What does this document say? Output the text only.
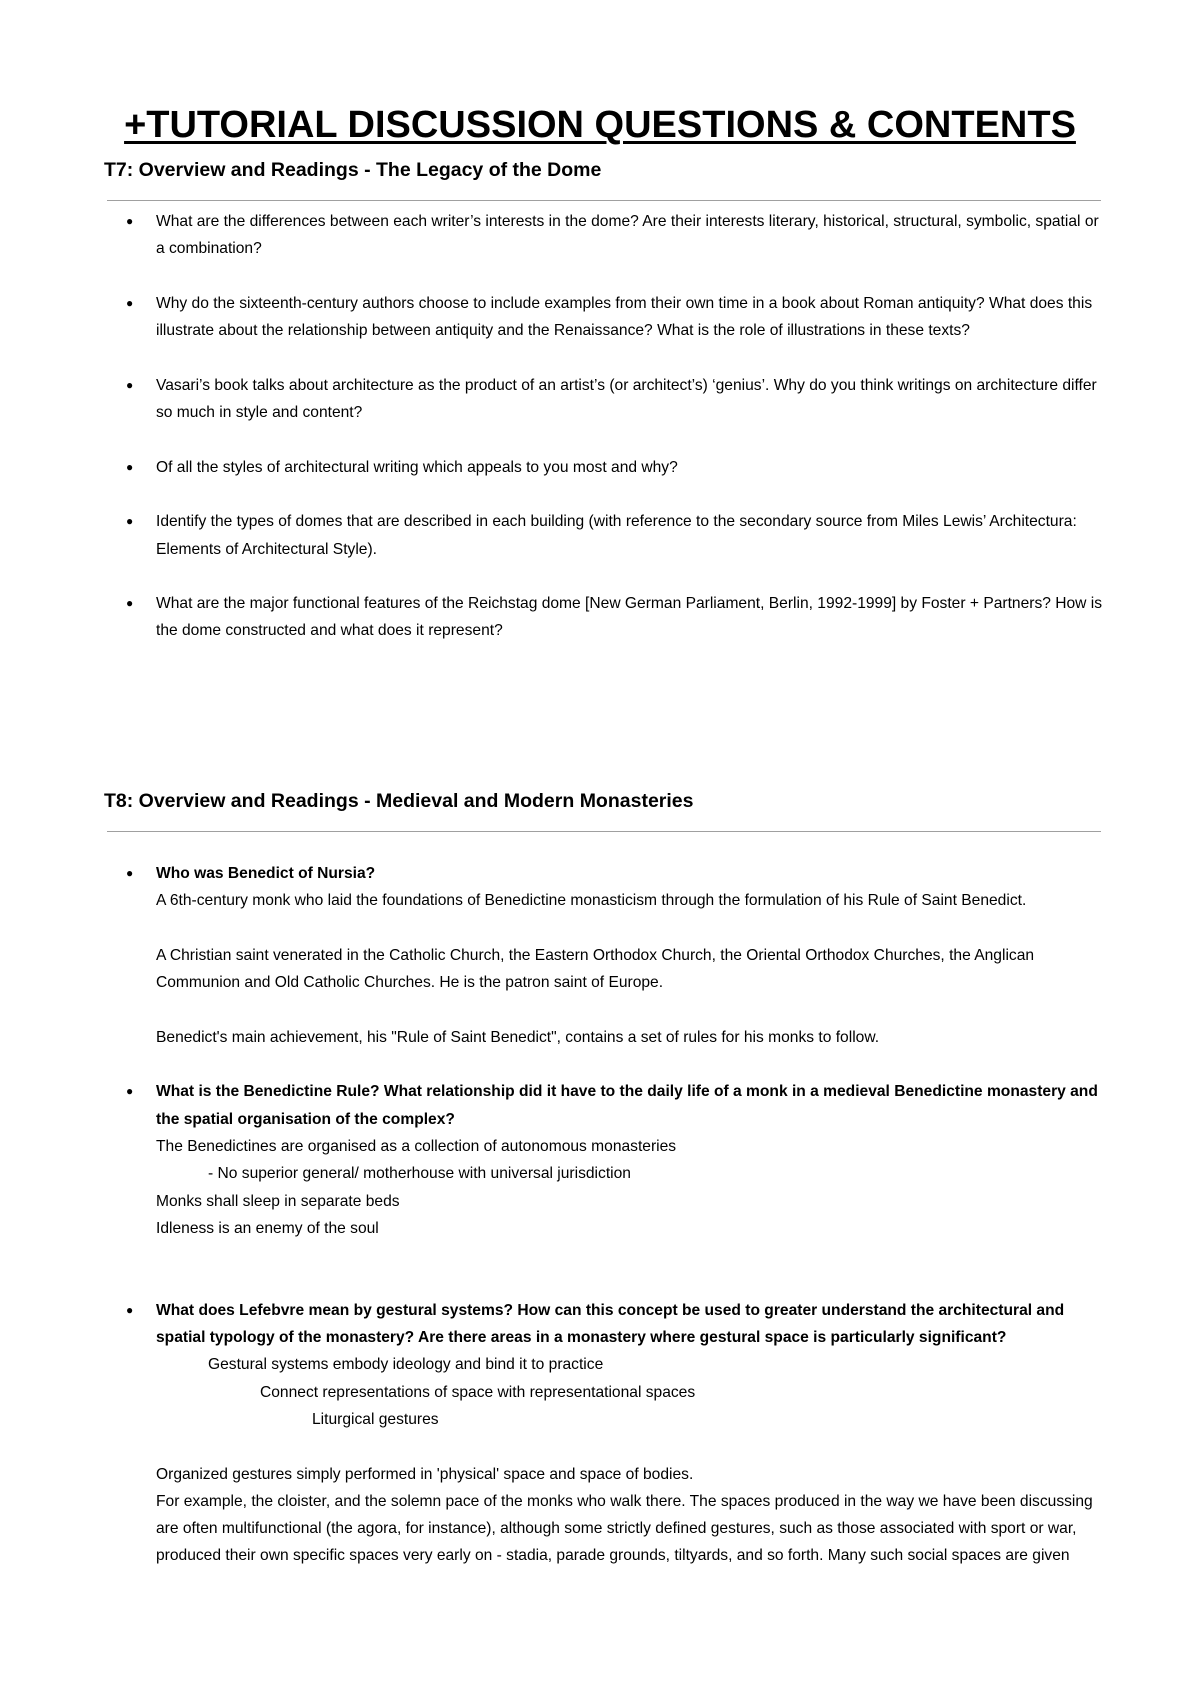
+TUTORIAL DISCUSSION QUESTIONS & CONTENTS
T7: Overview and Readings - The Legacy of the Dome
● What are the differences between each writer’s interests in the dome? Are their interests literary, historical, structural, symbolic, spatial or a combination?

● Why do the sixteenth-century authors choose to include examples from their own time in a book about Roman antiquity? What does this illustrate about the relationship between antiquity and the Renaissance? What is the role of illustrations in these texts?

● Vasari’s book talks about architecture as the product of an artist’s (or architect’s) ‘genius’. Why do you think writings on architecture differ so much in style and content?

● Of all the styles of architectural writing which appeals to you most and why?

● Identify the types of domes that are described in each building (with reference to the secondary source from Miles Lewis’ Architectura: Elements of Architectural Style).

● What are the major functional features of the Reichstag dome [New German Parliament, Berlin, 1992-1999] by Foster + Partners? How is the dome constructed and what does it represent?

T8: Overview and Readings - Medieval and Modern Monasteries
● Who was Benedict of Nursia?

A 6th-century monk who laid the foundations of Benedictine monasticism through the formulation of his Rule of Saint Benedict.

A Christian saint venerated in the Catholic Church, the Eastern Orthodox Church, the Oriental Orthodox Churches, the Anglican Communion and Old Catholic Churches. He is the patron saint of Europe.

Benedict's main achievement, his "Rule of Saint Benedict", contains a set of rules for his monks to follow.

● What is the Benedictine Rule? What relationship did it have to the daily life of a monk in a medieval Benedictine monastery and the spatial organisation of the complex?

The Benedictines are organised as a collection of autonomous monasteries

- No superior general/ motherhouse with universal jurisdiction

Monks shall sleep in separate beds

Idleness is an enemy of the soul

● What does Lefebvre mean by gestural systems? How can this concept be used to greater understand the architectural and spatial typology of the monastery? Are there areas in a monastery where gestural space is particularly significant?

Gestural systems embody ideology and bind it to practice

Connect representations of space with representational spaces

Liturgical gestures

Organized gestures simply performed in 'physical' space and space of bodies.

For example, the cloister, and the solemn pace of the monks who walk there. The spaces produced in the way we have been discussing are often multifunctional (the agora, for instance), although some strictly defined gestures, such as those associated with sport or war, produced their own specific spaces very early on - stadia, parade grounds, tiltyards, and so forth. Many such social spaces are given
